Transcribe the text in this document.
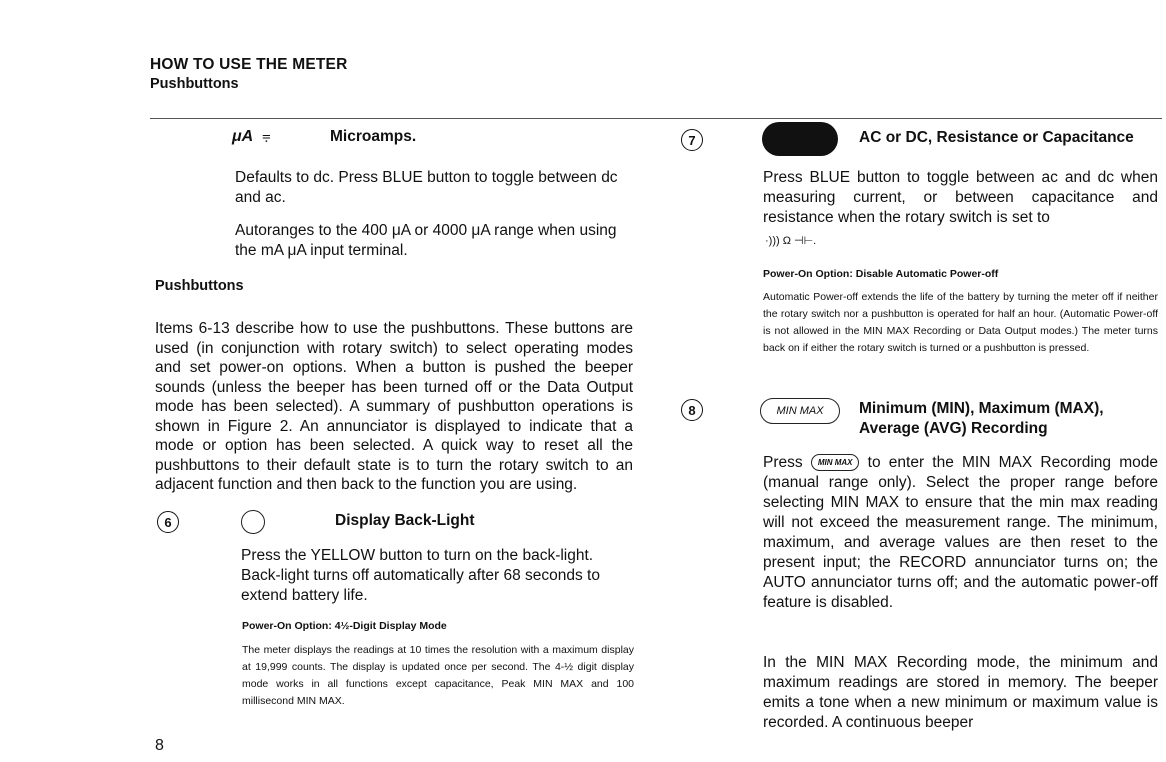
HOW TO USE THE METER
Pushbuttons
μA ⩦	Microamps.
Defaults to dc. Press BLUE button to toggle between dc and ac.
Autoranges to the 400 μA or 4000 μA range when using the mA μA input terminal.
Pushbuttons
Items 6-13 describe how to use the pushbuttons. These buttons are used (in conjunction with rotary switch) to select operating modes and set power-on options. When a button is pushed the beeper sounds (unless the beeper has been turned off or the Data Output mode has been selected). A summary of pushbutton operations is shown in Figure 2. An annunciator is displayed to indicate that a mode or option has been selected. A quick way to reset all the pushbuttons to their default state is to turn the rotary switch to an adjacent function and then back to the function you are using.
6	Display Back-Light
Press the YELLOW button to turn on the back-light. Back-light turns off automatically after 68 seconds to extend battery life.
Power-On Option: 4½-Digit Display Mode
The meter displays the readings at 10 times the resolution with a maximum display at 19,999 counts. The display is updated once per second. The 4-½ digit display mode works in all functions except capacitance, Peak MIN MAX and 100 millisecond MIN MAX.
8
7	AC or DC, Resistance or Capacitance
Press BLUE button to toggle between ac and dc when measuring current, or between capacitance and resistance when the rotary switch is set to
·))) Ω ⊣⊢.
Power-On Option: Disable Automatic Power-off
Automatic Power-off extends the life of the battery by turning the meter off if neither the rotary switch nor a pushbutton is operated for half an hour. (Automatic Power-off is not allowed in the MIN MAX Recording or Data Output modes.) The meter turns back on if either the rotary switch is turned or a pushbutton is pressed.
8	MIN MAX	Minimum (MIN), Maximum (MAX),
Average (AVG) Recording
Press MIN MAX to enter the MIN MAX Recording mode (manual range only). Select the proper range before selecting MIN MAX to ensure that the min max reading will not exceed the measurement range. The minimum, maximum, and average values are then reset to the present input; the RECORD annunciator turns on; the AUTO annunciator turns off; and the automatic power-off feature is disabled.
In the MIN MAX Recording mode, the minimum and maximum readings are stored in memory. The beeper emits a tone when a new minimum or maximum value is recorded. A continuous beeper
